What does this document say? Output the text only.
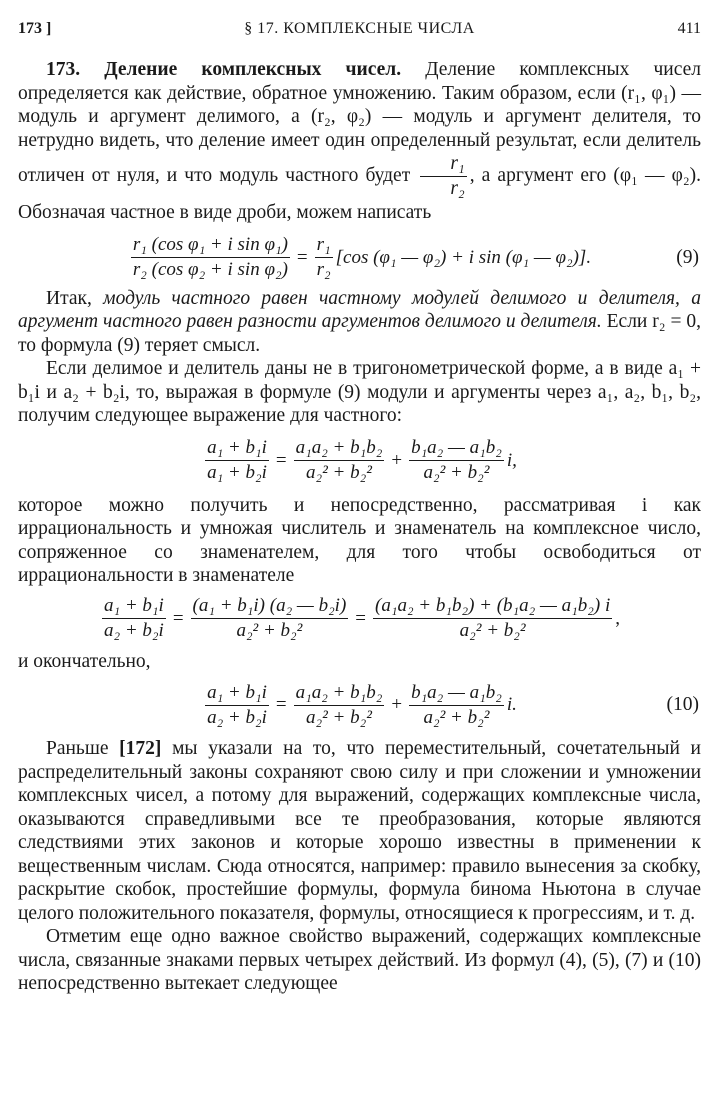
173 ]	§ 17. КОМПЛЕКСНЫЕ ЧИСЛА	411

173. Деление комплексных чисел. Деление комплексных чисел определяется как действие, обратное умножению. Таким образом, если (r₁, φ₁) — модуль и аргумент делимого, а (r₂, φ₂) — модуль и аргумент делителя, то нетрудно видеть, что деление имеет один определенный результат, если делитель отличен от нуля, и что модуль частного будет $\frac{\text{r₁}}{\text{r₂}}$ , а аргумент его (φ₁ — φ₂). Обозначая частное в виде дроби, можем написать

$\frac{\text{r₁ (cos φ₁ + i sin φ₁)}}{\text{r₂ (cos φ₂ + i sin φ₂)}} = \frac{\text{r₁}}{\text{r₂}} [\cos$ (φ₁ — φ₂) + i sin (φ₁ — φ₂)].	(9)

Итак, модуль частного равен частному модулей делимого и делителя, а аргумент частного равен разности аргументов делимого и делителя. Если r₂ = 0, то формула (9) теряет смысл.

Если делимое и делитель даны не в тригонометрической форме, а в виде a₁ + b₁i и a₂ + b₂i, то, выражая в формуле (9) модули и аргументы через a₁, a₂, b₁, b₂, получим следующее выражение для частного:

$\frac{\text{a₁ + b₁i}}{\text{a₁ + b₂i}} = \frac{\text{a₁a₂ + b₁b₂}}{\text{a₂² + b₂²}} + \frac{\text{b₁a₂ — a₁b₂}}{\text{a₂² + b₂²}} i$,

которое можно получить и непосредственно, рассматривая i как иррациональность и умножая числитель и знаменатель на комплексное число, сопряженное со знаменателем, для того чтобы освободиться от иррациональности в знаменателе

$\frac{\text{a₁ + b₁i}}{\text{a₂ + b₂i}} = \frac{\text{(a₁ + b₁i) (a₂ — b₂i)}}{\text{a₂² + b₂²}} = \frac{\text{(a₁a₂ + b₁b₂) + (b₁a₂ — a₁b₂) i}}{\text{a₂² + b₂²}}$ ,

и окончательно,

$\frac{\text{a₁ + b₁i}}{\text{a₂ + b₂i}} = \frac{\text{a₁a₂ + b₁b₂}}{\text{a₂² + b₂²}} + \frac{\text{b₁a₂ — a₁b₂}}{\text{a₂² + b₂²}} i$.	(10)

Раньше [172] мы указали на то, что переместительный, сочетательный и распределительный законы сохраняют свою силу и при сложении и умножении комплексных чисел, а потому для выражений, содержащих комплексные числа, оказываются справедливыми все те преобразования, которые являются следствиями этих законов и которые хорошо известны в применении к вещественным числам. Сюда относятся, например: правило вынесения за скобку, раскрытие скобок, простейшие формулы, формула бинома Ньютона в случае целого положительного показателя, формулы, относящиеся к прогрессиям, и т. д.

Отметим еще одно важное свойство выражений, содержащих комплексные числа, связанные знаками первых четырех действий. Из формул (4), (5), (7) и (10) непосредственно вытекает следующее
